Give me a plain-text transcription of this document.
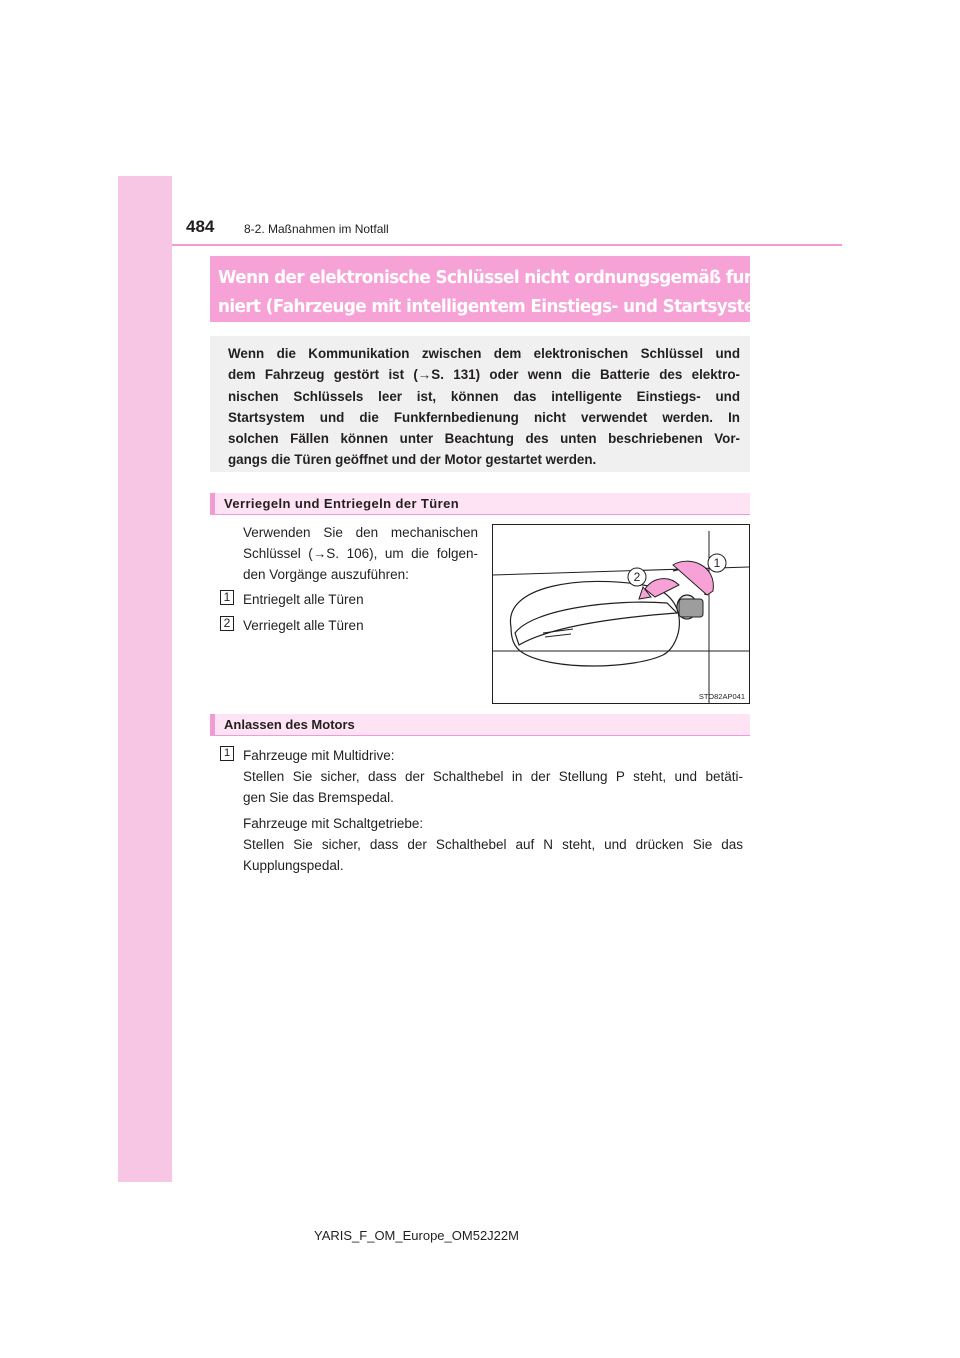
484 8-2. Maßnahmen im Notfall
Wenn der elektronische Schlüssel nicht ordnungsgemäß funktio-
niert (Fahrzeuge mit intelligentem Einstiegs- und Startsystem)
Wenn die Kommunikation zwischen dem elektronischen Schlüssel und
dem Fahrzeug gestört ist (→S. 131) oder wenn die Batterie des elektro-
nischen Schlüssels leer ist, können das intelligente Einstiegs- und
Startsystem und die Funkfernbedienung nicht verwendet werden. In
solchen Fällen können unter Beachtung des unten beschriebenen Vor-
gangs die Türen geöffnet und der Motor gestartet werden.
Verriegeln und Entriegeln der Türen
Verwenden Sie den mechanischen
Schlüssel (→S. 106), um die folgen-
den Vorgänge auszuführen:
1 Entriegelt alle Türen
2 Verriegelt alle Türen
1
2
STO82AP041
Anlassen des Motors
1 Fahrzeuge mit Multidrive:
Stellen Sie sicher, dass der Schalthebel in der Stellung P steht, und betäti-
gen Sie das Bremspedal.
Fahrzeuge mit Schaltgetriebe:
Stellen Sie sicher, dass der Schalthebel auf N steht, und drücken Sie das
Kupplungspedal.
YARIS_F_OM_Europe_OM52J22M
